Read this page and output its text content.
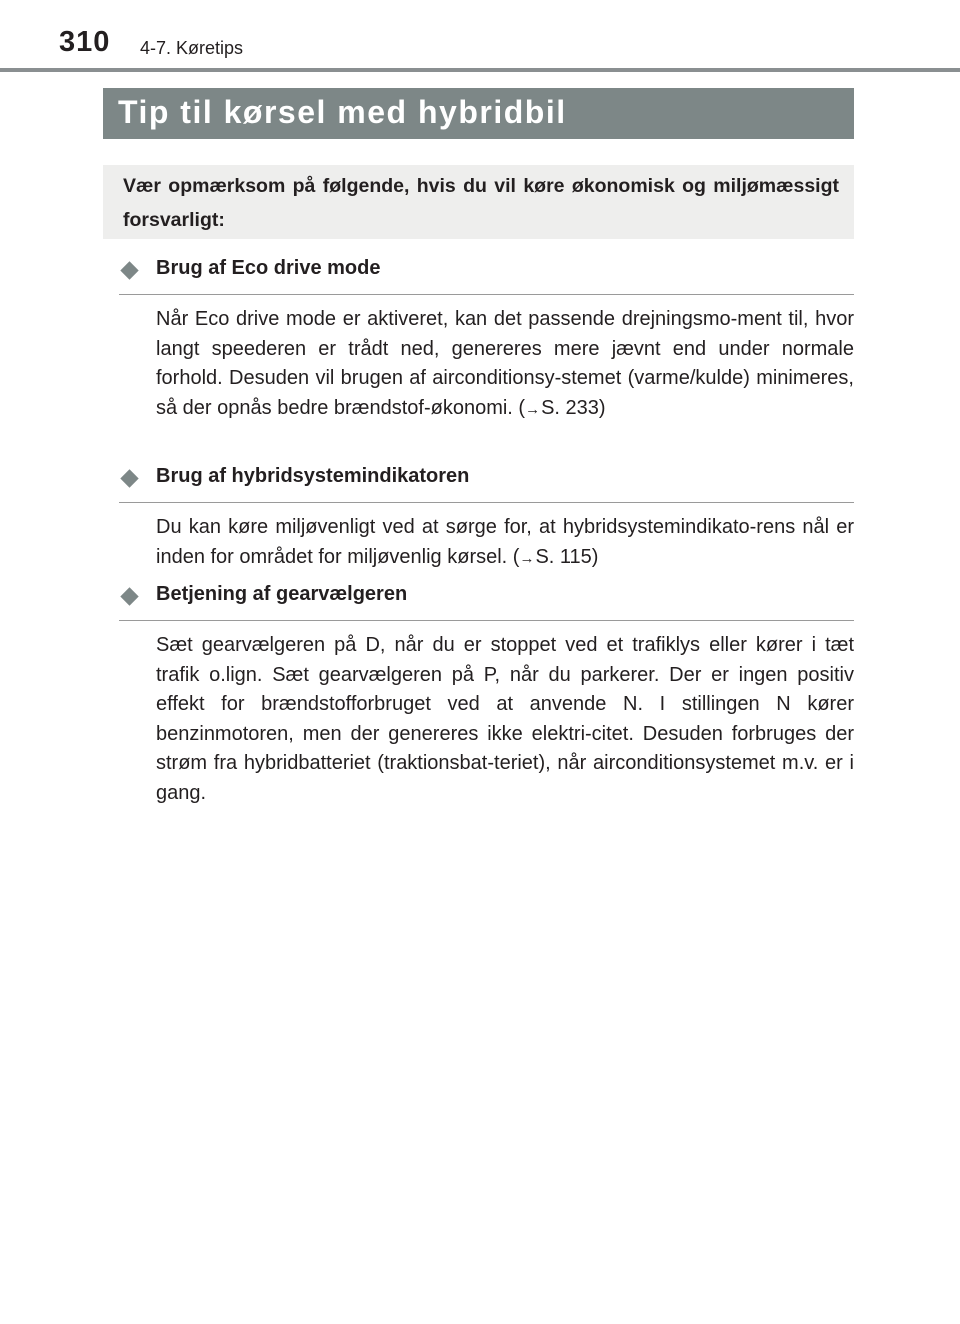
310 4-7. Køretips
Tip til kørsel med hybridbil
Vær opmærksom på følgende, hvis du vil køre økonomisk og miljømæssigt forsvarligt:
Brug af Eco drive mode
Når Eco drive mode er aktiveret, kan det passende drejningsmo-ment til, hvor langt speederen er trådt ned, genereres mere jævnt end under normale forhold. Desuden vil brugen af airconditionsy-stemet (varme/kulde) minimeres, så der opnås bedre brændstof-økonomi. (→S. 233)
Brug af hybridsystemindikatoren
Du kan køre miljøvenligt ved at sørge for, at hybridsystemindikato-rens nål er inden for området for miljøvenlig kørsel. (→S. 115)
Betjening af gearvælgeren
Sæt gearvælgeren på D, når du er stoppet ved et trafiklys eller kører i tæt trafik o.lign. Sæt gearvælgeren på P, når du parkerer. Der er ingen positiv effekt for brændstofforbruget ved at anvende N. I stillingen N kører benzinmotoren, men der genereres ikke elektri-citet. Desuden forbruges der strøm fra hybridbatteriet (traktionsbat-teriet), når airconditionsystemet m.v. er i gang.
